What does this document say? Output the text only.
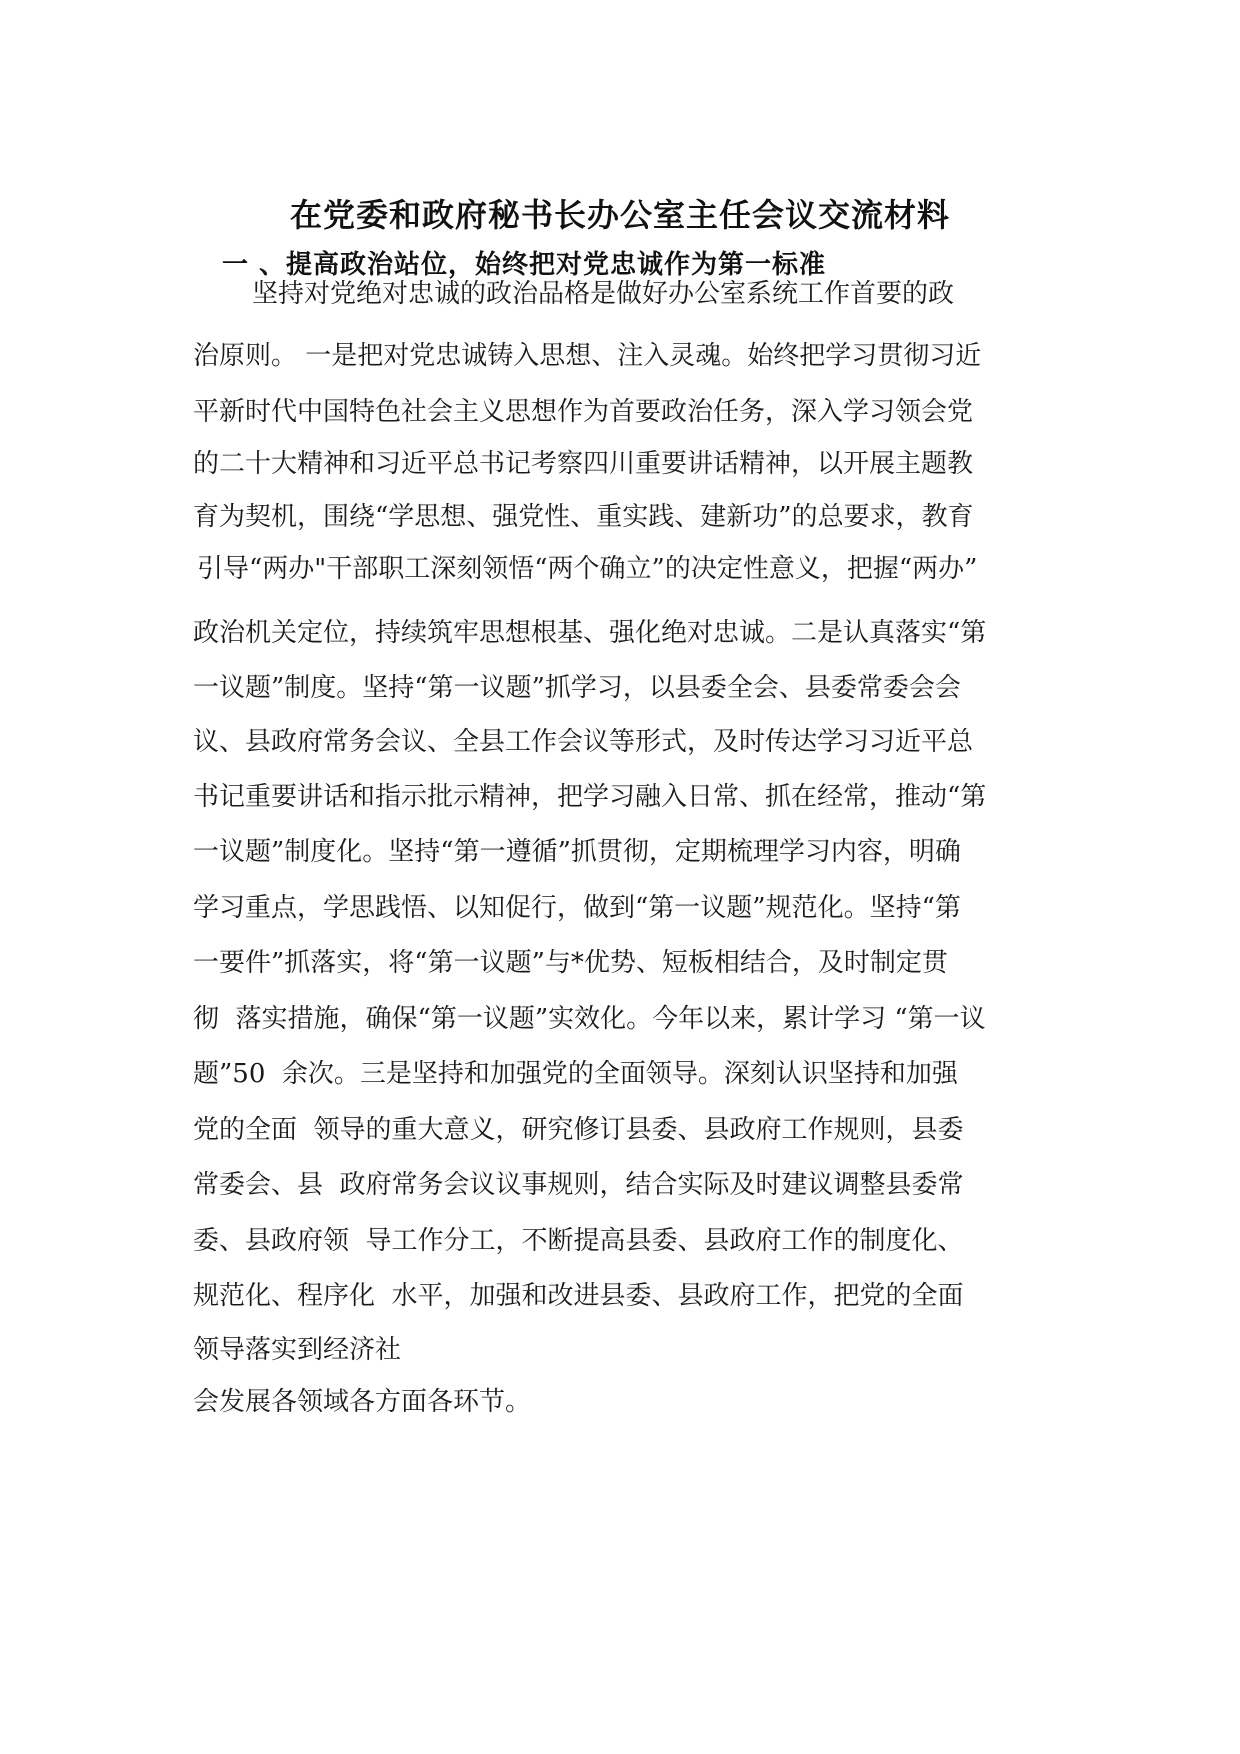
在党委和政府秘书长办公室主任会议交流材料
一 、提高政治站位，始终把对党忠诚作为第一标准
坚持对党绝对忠诚的政治品格是做好办公室系统工作首要的政
治原则。 一是把对党忠诚铸入思想、注入灵魂。始终把学习贯彻习近
平新时代中国特色社会主义思想作为首要政治任务，深入学习领会党
的二十大精神和习近平总书记考察四川重要讲话精神，以开展主题教
育为契机，围绕“学思想、强党性、重实践、建新功”的总要求，教育
引导“两办"干部职工深刻领悟“两个确立”的决定性意义，把握“两办”
政治机关定位，持续筑牢思想根基、强化绝对忠诚。二是认真落实“第
一议题”制度。坚持“第一议题”抓学习，以县委全会、县委常委会会
议、县政府常务会议、全县工作会议等形式，及时传达学习习近平总
书记重要讲话和指示批示精神，把学习融入日常、抓在经常，推动“第
一议题”制度化。坚持“第一遵循”抓贯彻，定期梳理学习内容，明确
学习重点，学思践悟、以知促行，做到“第一议题”规范化。坚持“第
一要件”抓落实，将“第一议题”与*优势、短板相结合，及时制定贯
彻  落实措施，确保“第一议题”实效化。今年以来，累计学习 “第一议
题”50  余次。三是坚持和加强党的全面领导。深刻认识坚持和加强
党的全面  领导的重大意义，研究修订县委、县政府工作规则，县委
常委会、县  政府常务会议议事规则，结合实际及时建议调整县委常
委、县政府领  导工作分工，不断提高县委、县政府工作的制度化、
规范化、程序化  水平，加强和改进县委、县政府工作，把党的全面
领导落实到经济社
会发展各领域各方面各环节。
